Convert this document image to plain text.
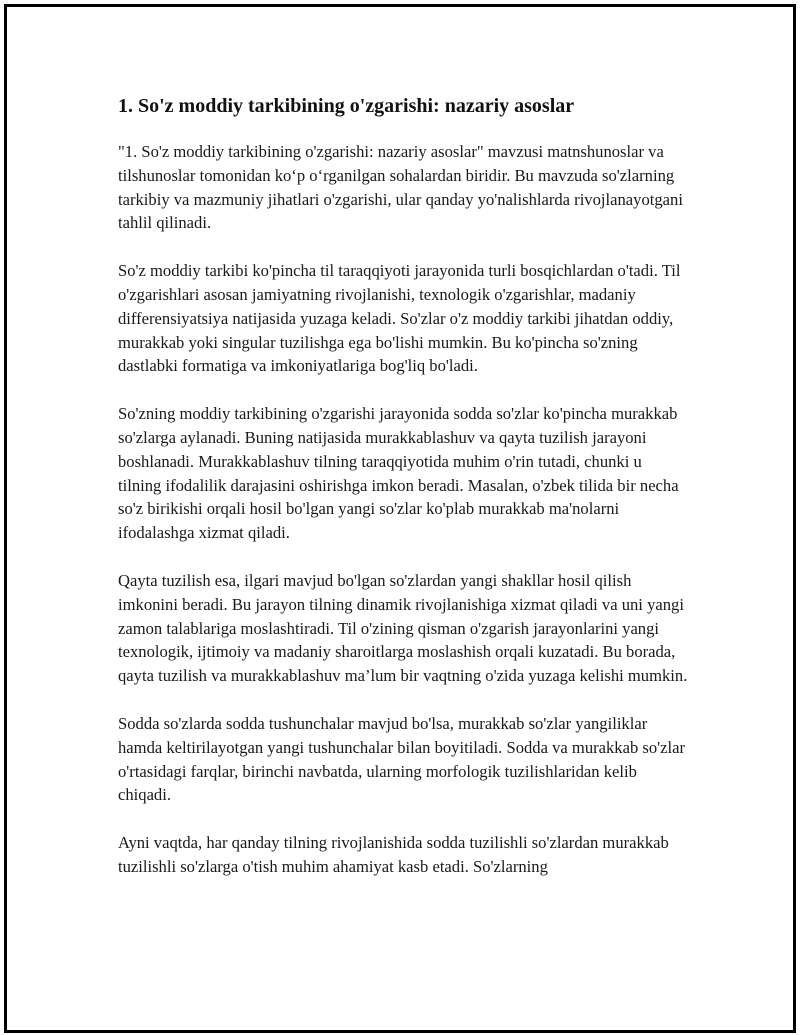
1. So'z moddiy tarkibining o'zgarishi: nazariy asoslar

"1. So'z moddiy tarkibining o'zgarishi: nazariy asoslar" mavzusi matnshunoslar va tilshunoslar tomonidan ko‘p o‘rganilgan sohalardan biridir. Bu mavzuda so'zlarning tarkibiy va mazmuniy jihatlari o'zgarishi, ular qanday yo'nalishlarda rivojlanayotgani tahlil qilinadi.

So'z moddiy tarkibi ko'pincha til taraqqiyoti jarayonida turli bosqichlardan o'tadi. Til o'zgarishlari asosan jamiyatning rivojlanishi, texnologik o'zgarishlar, madaniy differensiyatsiya natijasida yuzaga keladi. So'zlar o'z moddiy tarkibi jihatdan oddiy, murakkab yoki singular tuzilishga ega bo'lishi mumkin. Bu ko'pincha so'zning dastlabki formatiga va imkoniyatlariga bog'liq bo'ladi.

So'zning moddiy tarkibining o'zgarishi jarayonida sodda so'zlar ko'pincha murakkab so'zlarga aylanadi. Buning natijasida murakkablashuv va qayta tuzilish jarayoni boshlanadi. Murakkablashuv tilning taraqqiyotida muhim o'rin tutadi, chunki u tilning ifodalilik darajasini oshirishga imkon beradi. Masalan, o'zbek tilida bir necha so'z birikishi orqali hosil bo'lgan yangi so'zlar ko'plab murakkab ma'nolarni ifodalashga xizmat qiladi.

Qayta tuzilish esa, ilgari mavjud bo'lgan so'zlardan yangi shakllar hosil qilish imkonini beradi. Bu jarayon tilning dinamik rivojlanishiga xizmat qiladi va uni yangi zamon talablariga moslashtiradi. Til o'zining qisman o'zgarish jarayonlarini yangi texnologik, ijtimoiy va madaniy sharoitlarga moslashish orqali kuzatadi. Bu borada, qayta tuzilish va murakkablashuv ma’lum bir vaqtning o'zida yuzaga kelishi mumkin.

Sodda so'zlarda sodda tushunchalar mavjud bo'lsa, murakkab so'zlar yangiliklar hamda keltirilayotgan yangi tushunchalar bilan boyitiladi. Sodda va murakkab so'zlar o'rtasidagi farqlar, birinchi navbatda, ularning morfologik tuzilishlaridan kelib chiqadi.

Ayni vaqtda, har qanday tilning rivojlanishida sodda tuzilishli so'zlardan murakkab tuzilishli so'zlarga o'tish muhim ahamiyat kasb etadi. So'zlarning
